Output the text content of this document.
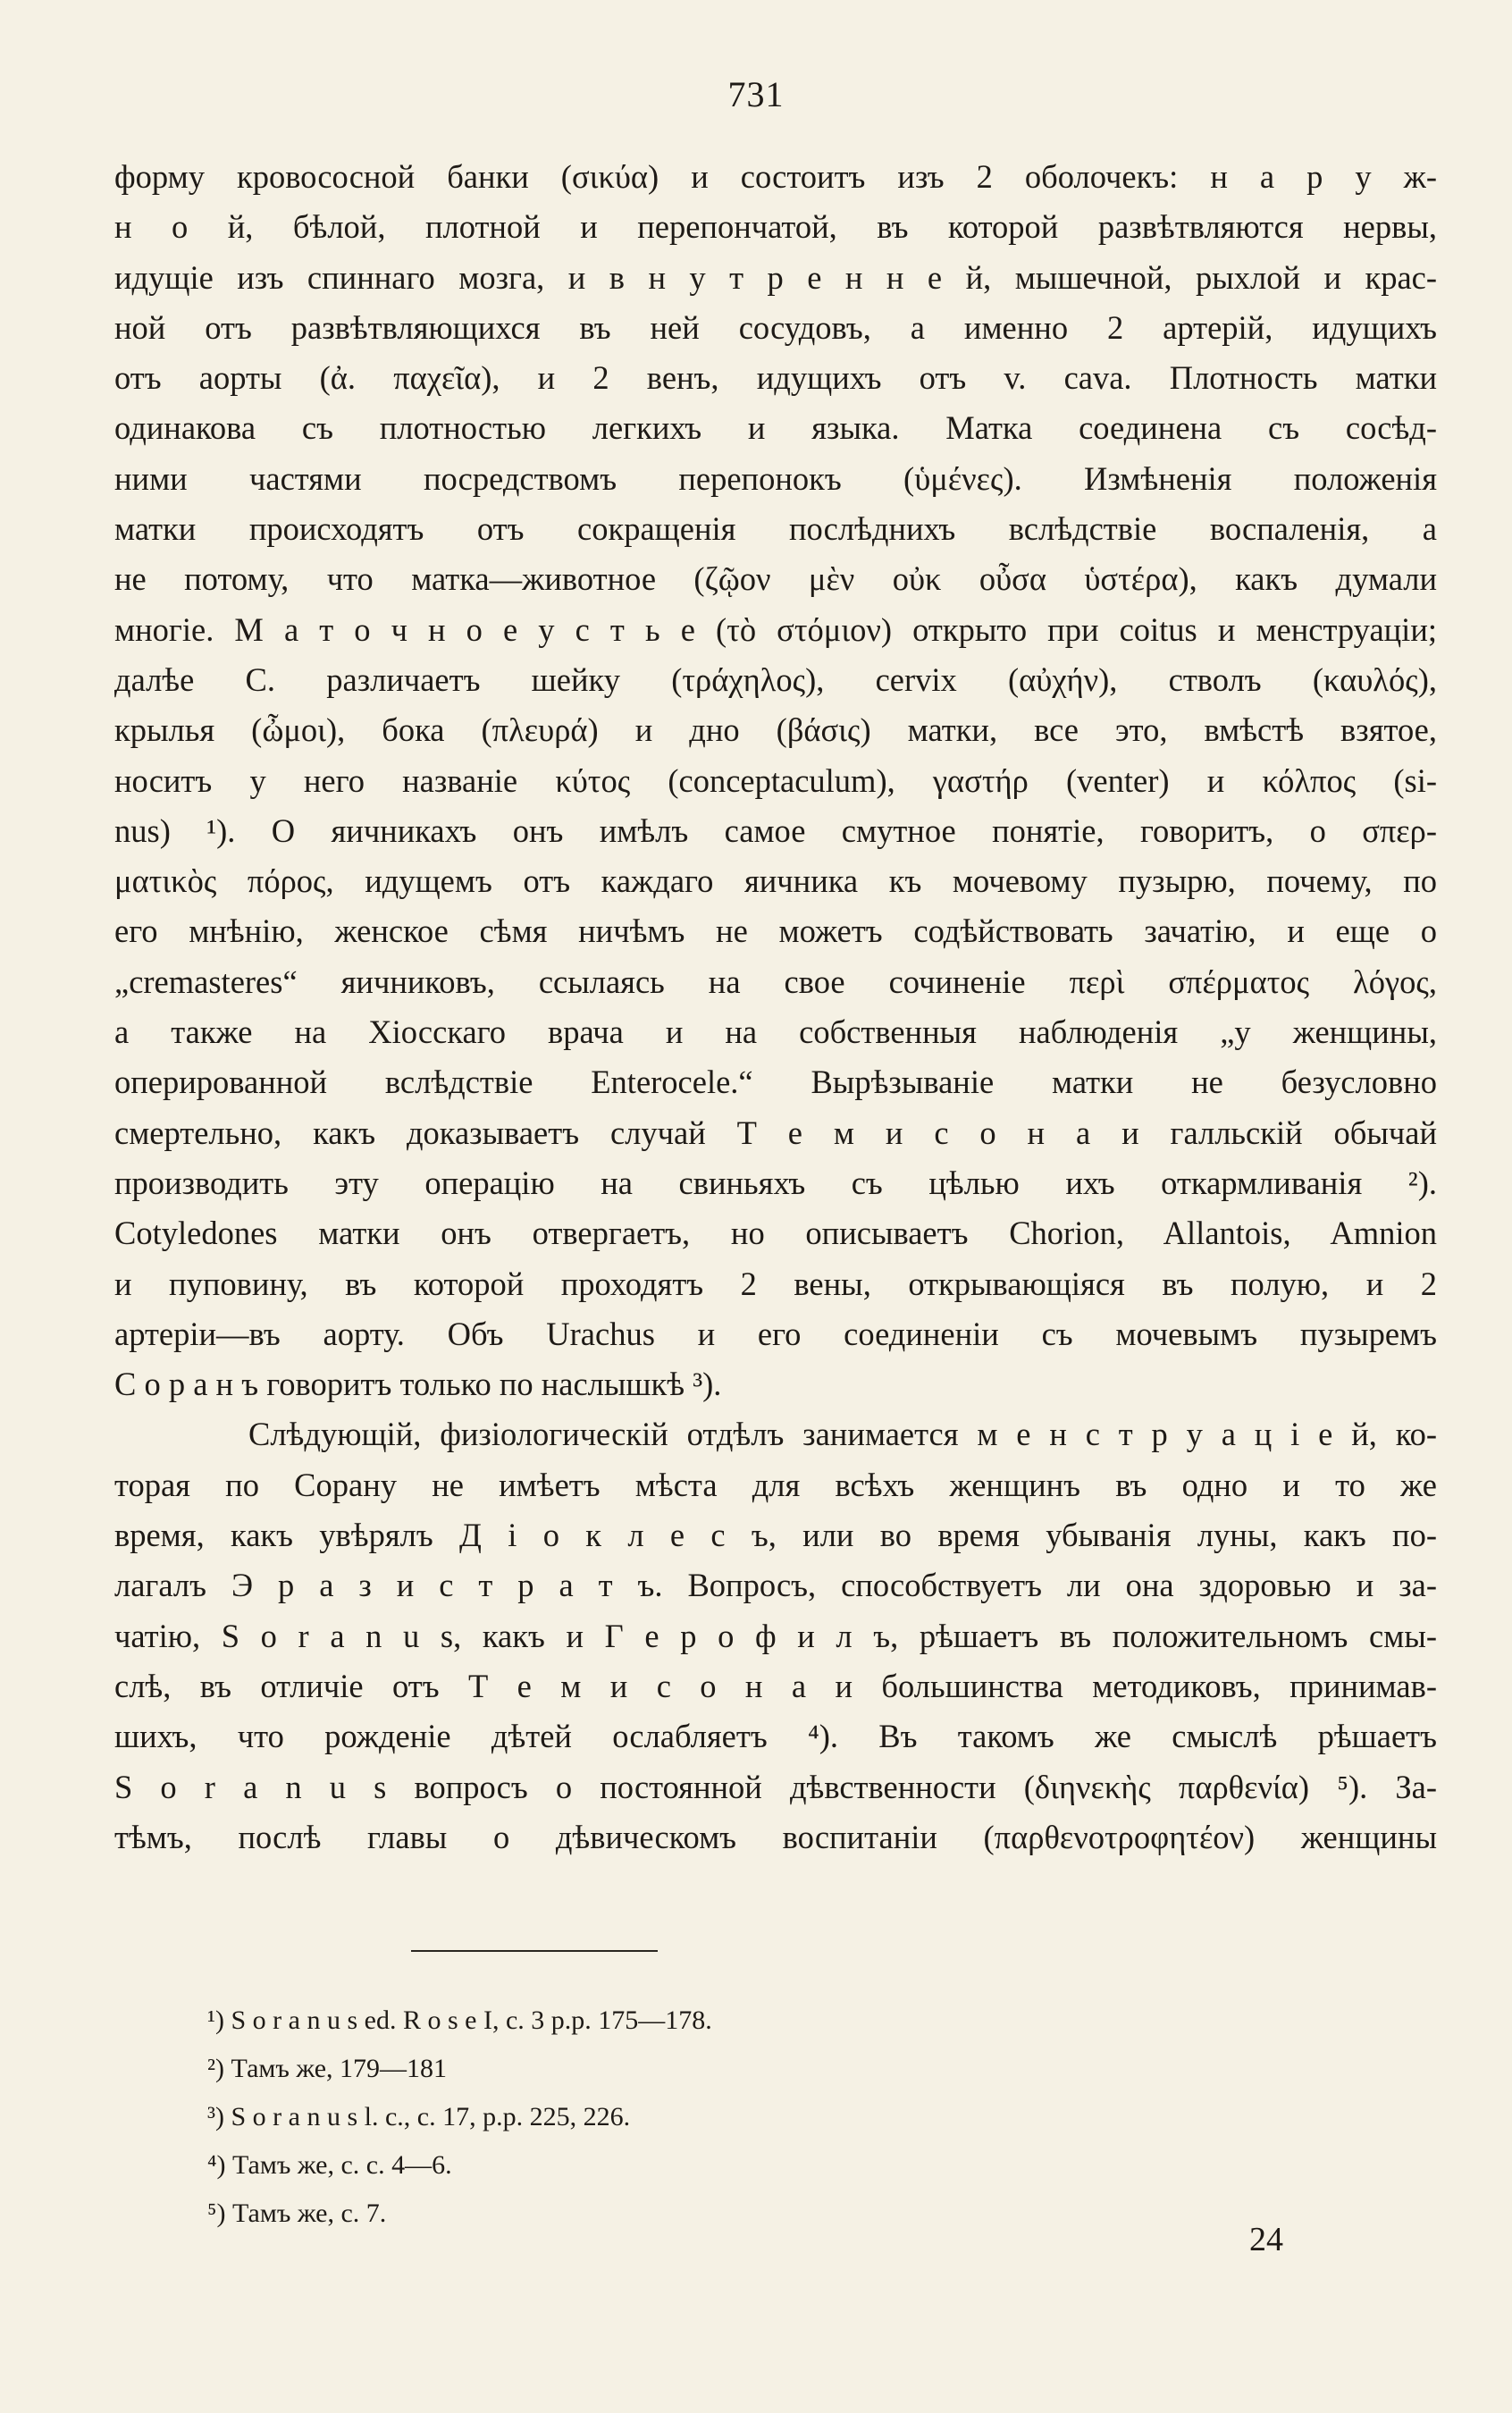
731
форму кровососной банки (σικύα) и состоитъ изъ 2 оболочекъ: н а р у ж-
н о й, бѣлой, плотной и перепончатой, въ которой развѣтвляются нервы,
идущіе изъ спиннаго мозга, и в н у т р е н н е й, мышечной, рыхлой и крас-
ной отъ развѣтвляющихся въ ней сосудовъ, а именно 2 артерій, идущихъ
отъ аорты (ἀ. παχεῖα), и 2 венъ, идущихъ отъ v. cava. Плотность матки
одинакова съ плотностью легкихъ и языка. Матка соединена съ сосѣд-
ними частями посредствомъ перепонокъ (ὑμένες). Измѣненія положенія
матки происходятъ отъ сокращенія послѣднихъ вслѣдствіе воспаленія, а
не потому, что матка—животное (ζῷον μὲν οὐκ οὖσα ὑστέρα), какъ думали
многіе. М а т о ч н о е у с т ь е (τὸ στόμιον) открыто при coitus и менструаціи;
далѣе С. различаетъ шейку (τράχηλος), cervix (αὐχήν), стволъ (καυλός),
крылья (ὦμοι), бока (πλευρά) и дно (βάσις) матки, все это, вмѣстѣ взятое,
носитъ у него названіе κύτος (conceptaculum), γαστήρ (venter) и κόλπος (si-
nus) ¹). О яичникахъ онъ имѣлъ самое смутное понятіе, говоритъ, о σπερ-
ματικὸς πόρος, идущемъ отъ каждаго яичника къ мочевому пузырю, почему, по
его мнѣнію, женское сѣмя ничѣмъ не можетъ содѣйствовать зачатію, и еще о
„cremasteres“ яичниковъ, ссылаясь на свое сочиненіе περὶ σπέρματος λόγος,
а также на Хіосскаго врача и на собственныя наблюденія „у женщины,
оперированной вслѣдствіе Enterocele.“ Вырѣзываніе матки не безусловно
смертельно, какъ доказываетъ случай Т е м и с о н а и галльскій обычай
производить эту операцію на свиньяхъ съ цѣлью ихъ откармливанія ²).
Cotyledones матки онъ отвергаетъ, но описываетъ Chorion, Allantois, Amnion
и пуповину, въ которой проходятъ 2 вены, открывающіяся въ полую, и 2
артеріи—въ аорту. Объ Urachus и его соединеніи съ мочевымъ пузыремъ
С о р а н ъ говоритъ только по наслышкѣ ³).
Слѣдующій, физіологическій отдѣлъ занимается м е н с т р у а ц і е й, ко-
торая по Сорану не имѣетъ мѣста для всѣхъ женщинъ въ одно и то же
время, какъ увѣрялъ Д і о к л е с ъ, или во время убыванія луны, какъ по-
лагалъ Э р а з и с т р а т ъ. Вопросъ, способствуетъ ли она здоровью и за-
чатію, S o r a n u s, какъ и Г е р о ф и л ъ, рѣшаетъ въ положительномъ смы-
слѣ, въ отличіе отъ Т е м и с о н а и большинства методиковъ, принимав-
шихъ, что рожденіе дѣтей ослабляетъ ⁴). Въ такомъ же смыслѣ рѣшаетъ
S o r a n u s вопросъ о постоянной дѣвственности (διηνεκὴς παρθενία) ⁵). За-
тѣмъ, послѣ главы о дѣвическомъ воспитаніи (παρθενοτροφητέον) женщины
¹) S o r a n u s ed. R o s e I, c. 3 p.p. 175—178.
²) Тамъ же, 179—181
³) S o r a n u s l. c., c. 17, p.p. 225, 226.
⁴) Тамъ же, с. с. 4—6.
⁵) Тамъ же, с. 7.
24
